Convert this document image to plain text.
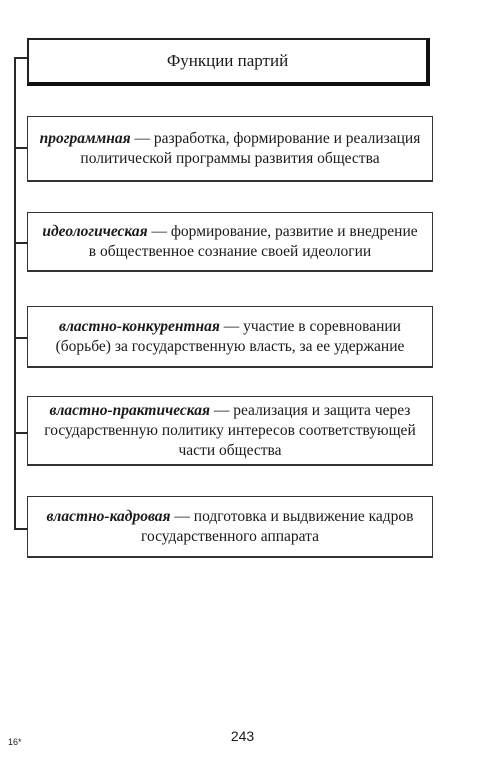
Функции партий
программная — разработка, формирование и реализация политической программы развития общества
идеологическая — формирование, развитие и внедрение в общественное сознание своей идеологии
властно-конкурентная — участие в соревновании (борьбе) за государственную власть, за ее удержание
властно-практическая — реализация и защита через государственную политику интересов соответствующей части общества
властно-кадровая — подготовка и выдвижение кадров государственного аппарата
243
16*
